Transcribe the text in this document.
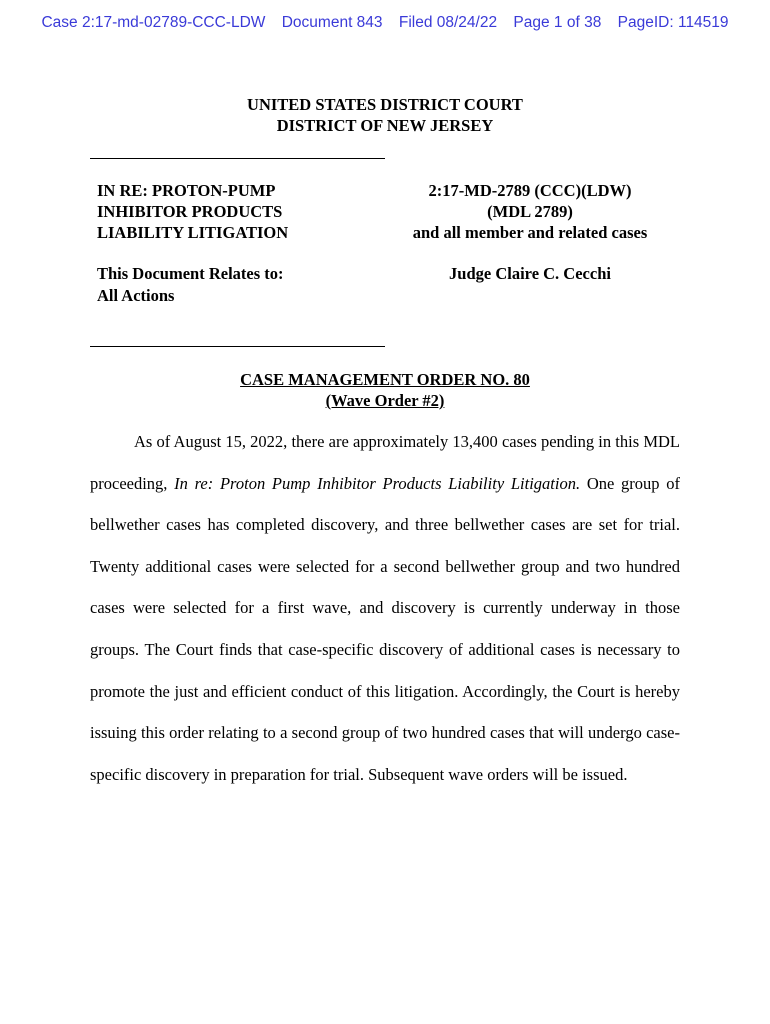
Case 2:17-md-02789-CCC-LDW Document 843 Filed 08/24/22 Page 1 of 38 PageID: 114519
UNITED STATES DISTRICT COURT
DISTRICT OF NEW JERSEY
IN RE: PROTON-PUMP
INHIBITOR PRODUCTS
LIABILITY LITIGATION
2:17-MD-2789 (CCC)(LDW)
(MDL 2789)
and all member and related cases
This Document Relates to:
All Actions
Judge Claire C. Cecchi
CASE MANAGEMENT ORDER NO. 80
(Wave Order #2)

As of August 15, 2022, there are approximately 13,400 cases pending in this MDL proceeding, In re: Proton Pump Inhibitor Products Liability Litigation. One group of bellwether cases has completed discovery, and three bellwether cases are set for trial. Twenty additional cases were selected for a second bellwether group and two hundred cases were selected for a first wave, and discovery is currently underway in those groups. The Court finds that case-specific discovery of additional cases is necessary to promote the just and efficient conduct of this litigation. Accordingly, the Court is hereby issuing this order relating to a second group of two hundred cases that will undergo case-specific discovery in preparation for trial. Subsequent wave orders will be issued.
